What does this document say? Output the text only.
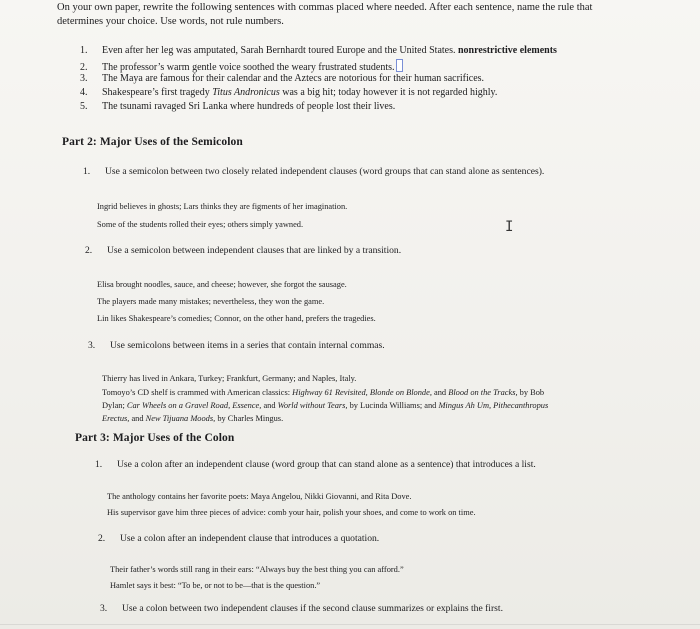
On your own paper, rewrite the following sentences with commas placed where needed. After each sentence, name the rule that
determines your choice. Use words, not rule numbers.
1. Even after her leg was amputated, Sarah Bernhardt toured Europe and the United States. nonrestrictive elements
2. The professor’s warm gentle voice soothed the weary frustrated students.
3. The Maya are famous for their calendar and the Aztecs are notorious for their human sacrifices.
4. Shakespeare’s first tragedy Titus Andronicus was a big hit; today however it is not regarded highly.
5. The tsunami ravaged Sri Lanka where hundreds of people lost their lives.
Part 2: Major Uses of the Semicolon
1. Use a semicolon between two closely related independent clauses (word groups that can stand alone as sentences).
Ingrid believes in ghosts; Lars thinks they are figments of her imagination.
Some of the students rolled their eyes; others simply yawned.	I
2. Use a semicolon between independent clauses that are linked by a transition.
Elisa brought noodles, sauce, and cheese; however, she forgot the sausage.
The players made many mistakes; nevertheless, they won the game.
Lin likes Shakespeare’s comedies; Connor, on the other hand, prefers the tragedies.
3. Use semicolons between items in a series that contain internal commas.
Thierry has lived in Ankara, Turkey; Frankfurt, Germany; and Naples, Italy.
Tomoyo’s CD shelf is crammed with American classics: Highway 61 Revisited, Blonde on Blonde, and Blood on the Tracks, by Bob
Dylan; Car Wheels on a Gravel Road, Essence, and World without Tears, by Lucinda Williams; and Mingus Ah Um, Pithecanthropus
Erectus, and New Tijuana Moods, by Charles Mingus.
Part 3: Major Uses of the Colon
1. Use a colon after an independent clause (word group that can stand alone as a sentence) that introduces a list.
The anthology contains her favorite poets: Maya Angelou, Nikki Giovanni, and Rita Dove.
His supervisor gave him three pieces of advice: comb your hair, polish your shoes, and come to work on time.
2. Use a colon after an independent clause that introduces a quotation.
Their father’s words still rang in their ears: “Always buy the best thing you can afford.”
Hamlet says it best: “To be, or not to be—that is the question.”
3. Use a colon between two independent clauses if the second clause summarizes or explains the first.
